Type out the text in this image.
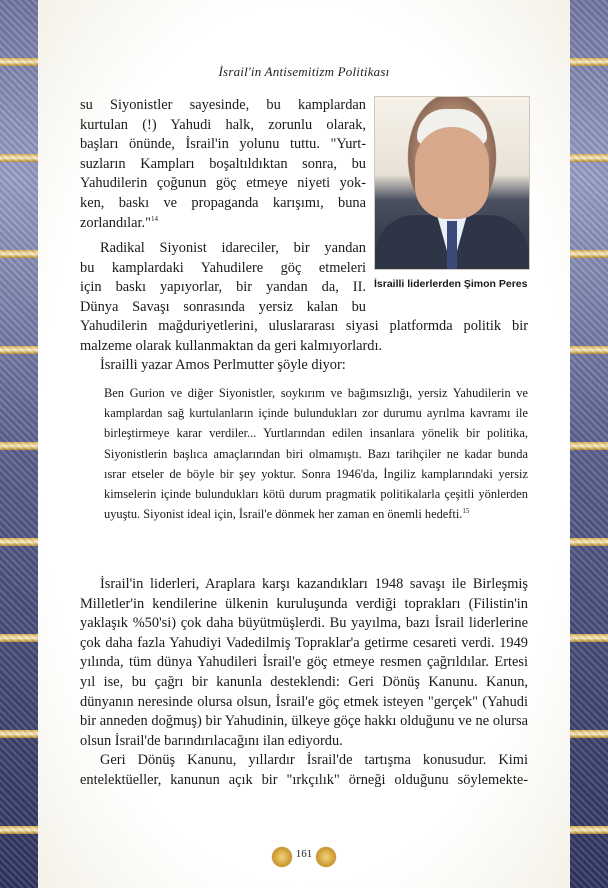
İsrail'in Antisemitizm Politikası

su Siyonistler sayesinde, bu kamplardan

kurtulan (!) Yahudi halk, zorunlu olarak,

başları önünde, İsrail'in yolunu tuttu. "Yurt-

suzların Kampları boşaltıldıktan sonra, bu

Yahudilerin çoğunun göç etmeye niyeti yok-

ken, baskı ve propaganda karışımı, buna

zorlandılar."$^{14}$

Radikal Siyonist idareciler, bir yandan

bu kamplardaki Yahudilere göç etmeleri

için baskı yapıyorlar, bir yandan da, II.

Dünya Savaşı sonrasında yersiz kalan bu

Yahudilerin mağduriyetlerini, uluslararası siyasi platformda politik bir

malzeme olarak kullanmaktan da geri kalmıyorlardı.

İsrailli yazar Amos Perlmutter şöyle diyor:

İsrailli liderlerden Şimon Peres

Ben Gurion ve diğer Siyonistler, soykırım ve bağımsızlığı, yersiz Yahudilerin ve kamplardan sağ kurtulanların içinde bulundukları zor durumu ayrılma kavramı ile birleştirmeye karar verdiler... Yurtlarından edilen insanlara yönelik bir politika, Siyonistlerin başlıca amaçlarından biri olmamıştı. Bazı tarihçiler ne kadar bunda ısrar etseler de böyle bir şey yoktur. Sonra 1946'da, İngiliz kamplarındaki yersiz kimselerin içinde bulundukları kötü durum pragmatik politikalarla çeşitli yönlerden uyuştu. Siyonist ideal için, İsrail'e dönmek her zaman en önemli hedefti.$^{15}$

İsrail'in liderleri, Araplara karşı kazandıkları 1948 savaşı ile Birleşmiş Milletler'in kendilerine ülkenin kuruluşunda verdiği toprakları (Filistin'in yaklaşık %50'si) çok daha büyütmüşlerdi. Bu yayılma, bazı İsrail liderlerine çok daha fazla Yahudiyi Vadedilmiş Topraklar'a getirme cesareti verdi. 1949 yılında, tüm dünya Yahudileri İsrail'e göç etmeye resmen çağrıldılar. Ertesi yıl ise, bu çağrı bir kanunla desteklendi: Geri Dönüş Kanunu. Kanun, dünyanın neresinde olursa olsun, İsrail'e göç etmek isteyen "gerçek" (Yahudi bir anneden doğmuş) bir Yahudinin, ülkeye göçe hakkı olduğunu ve ne olursa olsun İsrail'de barındırılacağını ilan ediyordu.

Geri Dönüş Kanunu, yıllardır İsrail'de tartışma konusudur. Kimi entelektüeller, kanunun açık bir "ırkçılık" örneği olduğunu söylemekte-

161
